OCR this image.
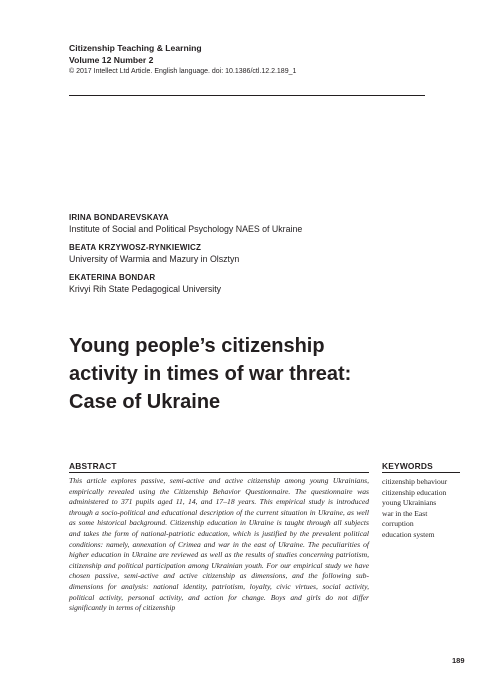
Citizenship Teaching & Learning
Volume 12 Number 2
© 2017 Intellect Ltd Article. English language. doi: 10.1386/ctl.12.2.189_1
IRINA BONDAREVSKAYA
Institute of Social and Political Psychology NAES of Ukraine
BEATA KRZYWOSZ-RYNKIEWICZ
University of Warmia and Mazury in Olsztyn
EKATERINA BONDAR
Krivyi Rih State Pedagogical University
Young people’s citizenship activity in times of war threat: Case of Ukraine
ABSTRACT

This article explores passive, semi-active and active citizenship among young Ukrainians, empirically revealed using the Citizenship Behavior Questionnaire. The questionnaire was administered to 371 pupils aged 11, 14, and 17–18 years. This empirical study is introduced through a socio-political and educational description of the current situation in Ukraine, as well as some historical background. Citizenship education in Ukraine is taught through all subjects and takes the form of national-patriotic education, which is justified by the prevalent political conditions: namely, annexation of Crimea and war in the east of Ukraine. The peculiarities of higher education in Ukraine are reviewed as well as the results of studies concerning patriotism, citizenship and political participation among Ukrainian youth. For our empirical study we have chosen passive, semi-active and active citizenship as dimensions, and the following sub-dimensions for analysis: national identity, patriotism, loyalty, civic virtues, social activity, political activity, personal activity, and action for change. Boys and girls do not differ significantly in terms of citizenship

KEYWORDS
citizenship behaviour
citizenship education
young Ukrainians
war in the East
corruption
education system
189
